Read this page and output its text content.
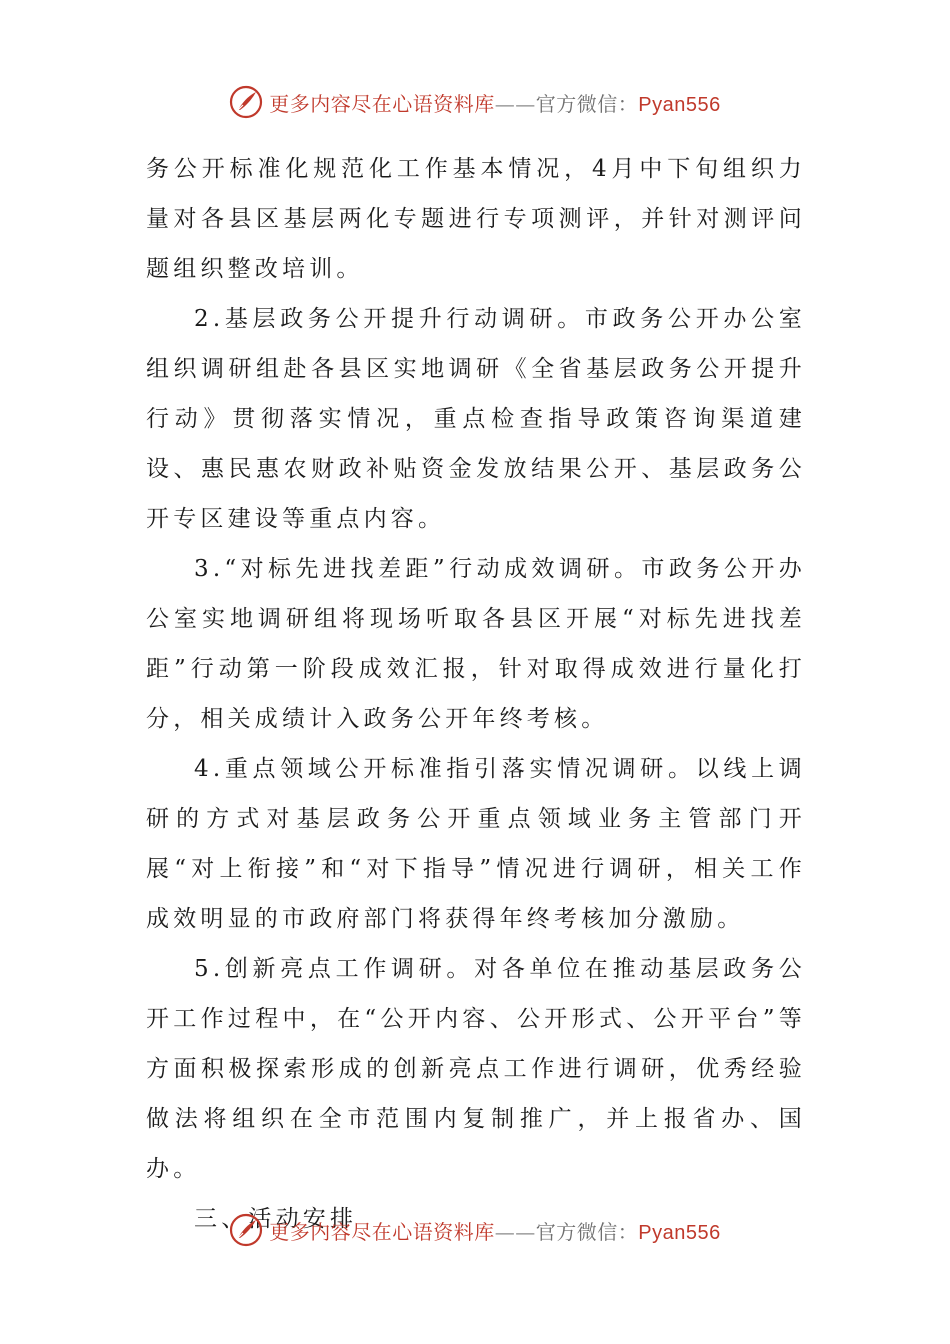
更多内容尽在心语资料库——官方微信：Pyan556

务公开标准化规范化工作基本情况，4月中下旬组织力量对各县区基层两化专题进行专项测评，并针对测评问题组织整改培训。

2.基层政务公开提升行动调研。市政务公开办公室组织调研组赴各县区实地调研《全省基层政务公开提升行动》贯彻落实情况，重点检查指导政策咨询渠道建设、惠民惠农财政补贴资金发放结果公开、基层政务公开专区建设等重点内容。

3.“对标先进找差距”行动成效调研。市政务公开办公室实地调研组将现场听取各县区开展“对标先进找差距”行动第一阶段成效汇报，针对取得成效进行量化打分，相关成绩计入政务公开年终考核。

4.重点领域公开标准指引落实情况调研。以线上调研的方式对基层政务公开重点领域业务主管部门开展“对上衔接”和“对下指导”情况进行调研，相关工作成效明显的市政府部门将获得年终考核加分激励。

5.创新亮点工作调研。对各单位在推动基层政务公开工作过程中，在“公开内容、公开形式、公开平台”等方面积极探索形成的创新亮点工作进行调研，优秀经验做法将组织在全市范围内复制推广，并上报省办、国办。

三、活动安排

更多内容尽在心语资料库——官方微信：Pyan556
